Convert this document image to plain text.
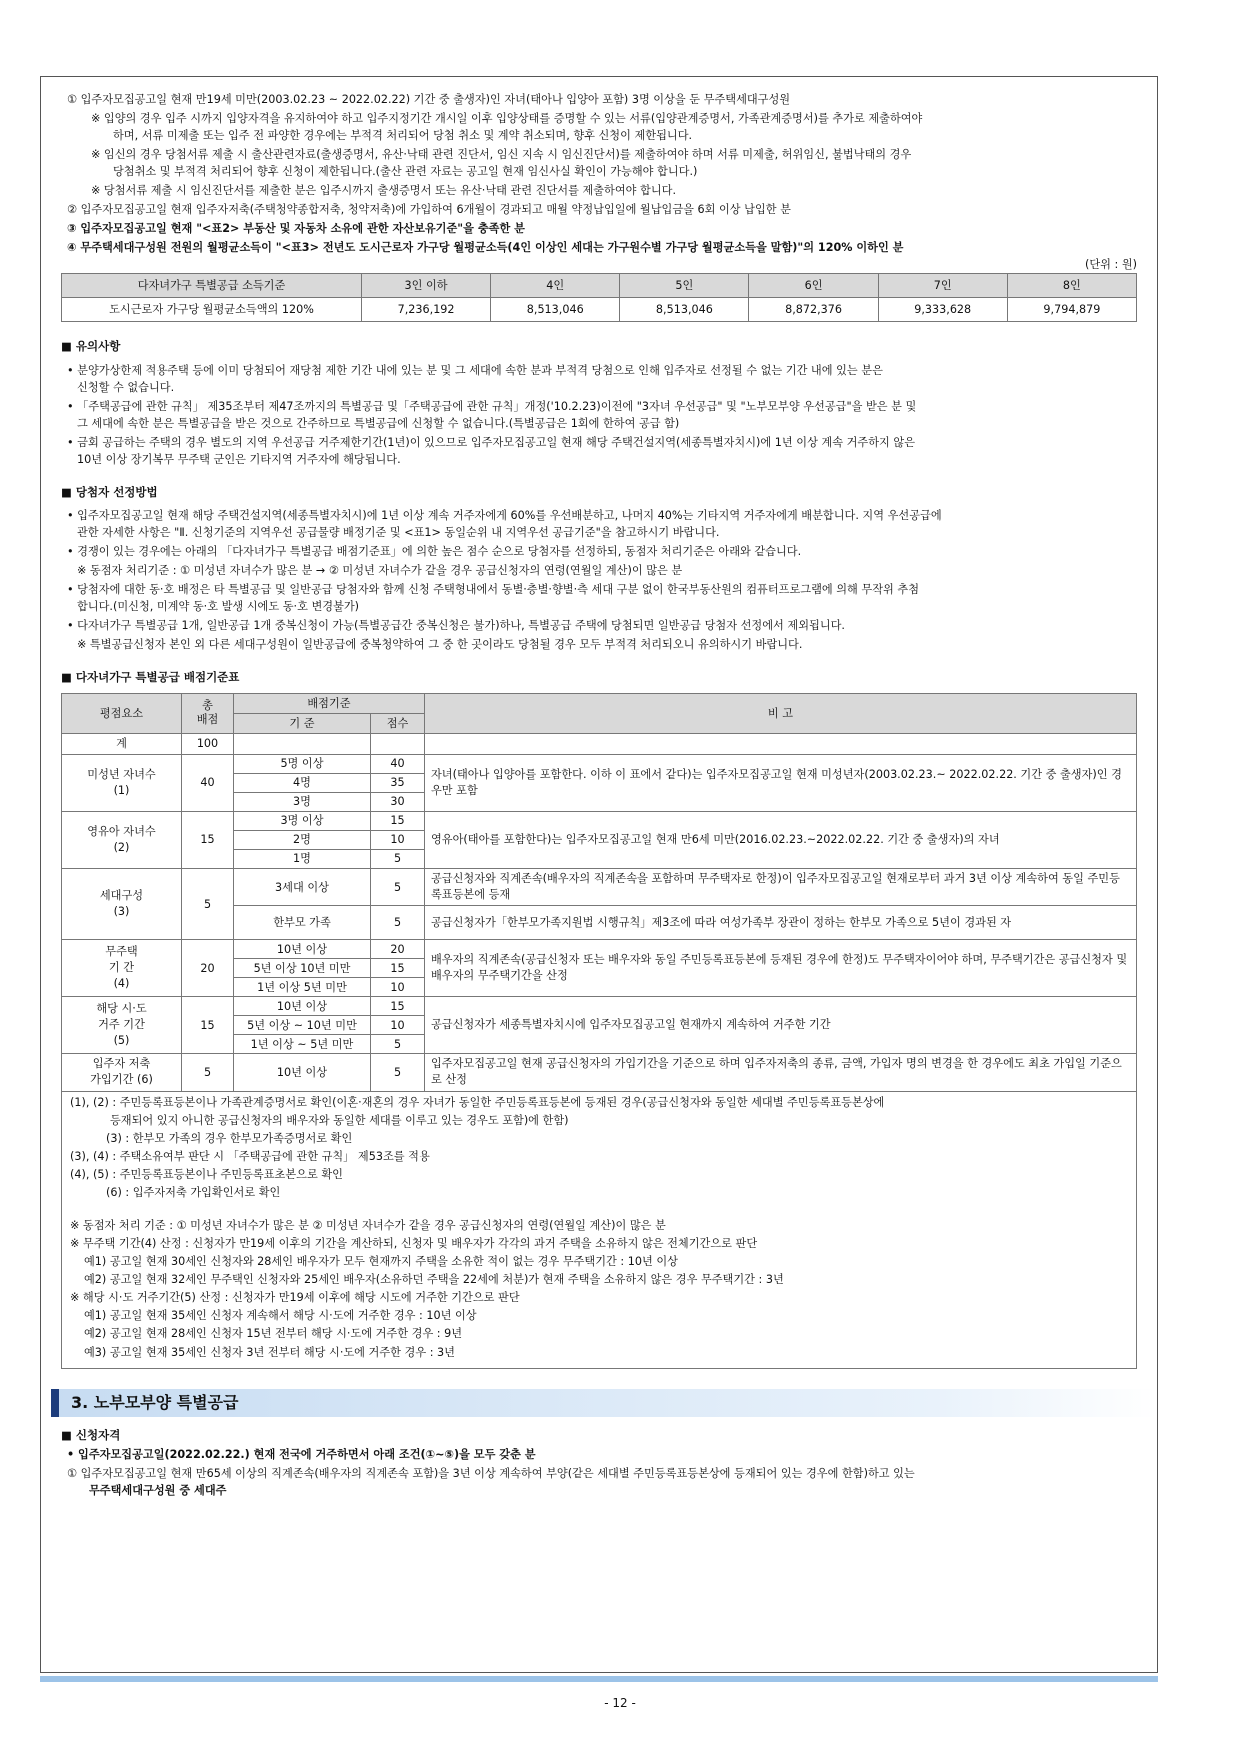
① 입주자모집공고일 현재 만19세 미만(2003.02.23 ~ 2022.02.22) 기간 중 출생자)인 자녀(태아나 입양아 포함) 3명 이상을 둔 무주택세대구성원
※ 입양의 경우 입주 시까지 입양자격을 유지하여야 하고 입주지정기간 개시일 이후 입양상태를 증명할 수 있는 서류(입양관계증명서, 가족관계증명서)를 추가로 제출하여야
하며, 서류 미제출 또는 입주 전 파양한 경우에는 부적격 처리되어 당첨 취소 및 계약 취소되며, 향후 신청이 제한됩니다.
※ 임신의 경우 당첨서류 제출 시 출산관련자료(출생증명서, 유산·낙태 관련 진단서, 임신 지속 시 임신진단서)를 제출하여야 하며 서류 미제출, 허위임신, 불법낙태의 경우
당첨취소 및 부적격 처리되어 향후 신청이 제한됩니다.(출산 관련 자료는 공고일 현재 임신사실 확인이 가능해야 합니다.)
※ 당첨서류 제출 시 임신진단서를 제출한 분은 입주시까지 출생증명서 또는 유산·낙태 관련 진단서를 제출하여야 합니다.
② 입주자모집공고일 현재 입주자저축(주택청약종합저축, 청약저축)에 가입하여 6개월이 경과되고 매월 약정납입일에 월납입금을 6회 이상 납입한 분
③ 입주자모집공고일 현재 "<표2> 부동산 및 자동차 소유에 관한 자산보유기준"을 충족한 분
④ 무주택세대구성원 전원의 월평균소득이 "<표3> 전년도 도시근로자 가구당 월평균소득(4인 이상인 세대는 가구원수별 가구당 월평균소득을 말함)"의 120% 이하인 분
(단위 : 원)
다자녀가구 특별공급 소득기준	3인 이하	4인	5인	6인	7인	8인
도시근로자 가구당 월평균소득액의 120%	7,236,192	8,513,046	8,513,046	8,872,376	9,333,628	9,794,879
■ 유의사항
• 분양가상한제 적용주택 등에 이미 당첨되어 재당첨 제한 기간 내에 있는 분 및 그 세대에 속한 분과 부적격 당첨으로 인해 입주자로 선정될 수 없는 기간 내에 있는 분은
신청할 수 없습니다.
• 「주택공급에 관한 규칙」 제35조부터 제47조까지의 특별공급 및「주택공급에 관한 규칙」개정('10.2.23)이전에 "3자녀 우선공급" 및 "노부모부양 우선공급"을 받은 분 및
그 세대에 속한 분은 특별공급을 받은 것으로 간주하므로 특별공급에 신청할 수 없습니다.(특별공급은 1회에 한하여 공급 함)
• 금회 공급하는 주택의 경우 별도의 지역 우선공급 거주제한기간(1년)이 있으므로 입주자모집공고일 현재 해당 주택건설지역(세종특별자치시)에 1년 이상 계속 거주하지 않은
10년 이상 장기복무 무주택 군인은 기타지역 거주자에 해당됩니다.
■ 당첨자 선정방법
• 입주자모집공고일 현재 해당 주택건설지역(세종특별자치시)에 1년 이상 계속 거주자에게 60%를 우선배분하고, 나머지 40%는 기타지역 거주자에게 배분합니다. 지역 우선공급에
관한 자세한 사항은 "Ⅱ. 신청기준의 지역우선 공급물량 배정기준 및 <표1> 동일순위 내 지역우선 공급기준"을 참고하시기 바랍니다.
• 경쟁이 있는 경우에는 아래의 「다자녀가구 특별공급 배점기준표」에 의한 높은 점수 순으로 당첨자를 선정하되, 동점자 처리기준은 아래와 같습니다.
※ 동점자 처리기준 : ① 미성년 자녀수가 많은 분 → ② 미성년 자녀수가 같을 경우 공급신청자의 연령(연월일 계산)이 많은 분
• 당첨자에 대한 동·호 배정은 타 특별공급 및 일반공급 당첨자와 함께 신청 주택형내에서 동별·층별·향별·측 세대 구분 없이 한국부동산원의 컴퓨터프로그램에 의해 무작위 추첨
합니다.(미신청, 미계약 동·호 발생 시에도 동·호 변경불가)
• 다자녀가구 특별공급 1개, 일반공급 1개 중복신청이 가능(특별공급간 중복신청은 불가)하나, 특별공급 주택에 당첨되면 일반공급 당첨자 선정에서 제외됩니다.
※ 특별공급신청자 본인 외 다른 세대구성원이 일반공급에 중복청약하여 그 중 한 곳이라도 당첨될 경우 모두 부적격 처리되오니 유의하시기 바랍니다.
■ 다자녀가구 특별공급 배점기준표
평점요소	총
배점	배점기준		비 고
		기 준	점수	
계	100			
미성년 자녀수
(1)	40	5명 이상	40	자녀(태아나 입양아를 포함한다. 이하 이 표에서 같다)는 입주자모집공고일 현재 미성년자(2003.02.23.~ 2022.02.22. 기간 중 출생자)인 경우만 포함
		4명	35	
		3명	30	
영유아 자녀수
(2)	15	3명 이상	15	영유아(태아를 포함한다)는 입주자모집공고일 현재 만6세 미만(2016.02.23.~2022.02.22. 기간 중 출생자)의 자녀
		2명	10	
		1명	5	
세대구성
(3)	5	3세대 이상	5	공급신청자와 직계존속(배우자의 직계존속을 포함하며 무주택자로 한정)이 입주자모집공고일 현재로부터 과거 3년 이상 계속하여 동일 주민등록표등본에 등재
		한부모 가족	5	공급신청자가「한부모가족지원법 시행규칙」제3조에 따라 여성가족부 장관이 정하는 한부모 가족으로 5년이 경과된 자
무주택
기 간
(4)	20	10년 이상	20	배우자의 직계존속(공급신청자 또는 배우자와 동일 주민등록표등본에 등재된 경우에 한정)도 무주택자이어야 하며, 무주택기간은 공급신청자 및 배우자의 무주택기간을 산정
		5년 이상 10년 미만	15	
		1년 이상 5년 미만	10	
해당 시·도
거주 기간
(5)	15	10년 이상	15	공급신청자가 세종특별자치시에 입주자모집공고일 현재까지 계속하여 거주한 기간
		5년 이상 ~ 10년 미만	10	
		1년 이상 ~ 5년 미만	5	
입주자 저축
가입기간 (6)	5	10년 이상	5	입주자모집공고일 현재 공급신청자의 가입기간을 기준으로 하며 입주자저축의 종류, 금액, 가입자 명의 변경을 한 경우에도 최초 가입일 기준으로 산정
(1), (2) : 주민등록표등본이나 가족관계증명서로 확인(이혼·재혼의 경우 자녀가 동일한 주민등록표등본에 등재된 경우(공급신청자와 동일한 세대별 주민등록표등본상에
등재되어 있지 아니한 공급신청자의 배우자와 동일한 세대를 이루고 있는 경우도 포함)에 한함)
(3) : 한부모 가족의 경우 한부모가족증명서로 확인
(3), (4) : 주택소유여부 판단 시 「주택공급에 관한 규칙」 제53조를 적용
(4), (5) : 주민등록표등본이나 주민등록표초본으로 확인
(6) : 입주자저축 가입확인서로 확인
※ 동점자 처리 기준 : ① 미성년 자녀수가 많은 분 ② 미성년 자녀수가 같을 경우 공급신청자의 연령(연월일 계산)이 많은 분
※ 무주택 기간(4) 산정 : 신청자가 만19세 이후의 기간을 계산하되, 신청자 및 배우자가 각각의 과거 주택을 소유하지 않은 전체기간으로 판단
예1) 공고일 현재 30세인 신청자와 28세인 배우자가 모두 현재까지 주택을 소유한 적이 없는 경우 무주택기간 : 10년 이상
예2) 공고일 현재 32세인 무주택인 신청자와 25세인 배우자(소유하던 주택을 22세에 처분)가 현재 주택을 소유하지 않은 경우 무주택기간 : 3년
※ 해당 시·도 거주기간(5) 산정 : 신청자가 만19세 이후에 해당 시도에 거주한 기간으로 판단
예1) 공고일 현재 35세인 신청자 계속해서 해당 시·도에 거주한 경우 : 10년 이상
예2) 공고일 현재 28세인 신청자 15년 전부터 해당 시·도에 거주한 경우 : 9년
예3) 공고일 현재 35세인 신청자 3년 전부터 해당 시·도에 거주한 경우 : 3년
3. 노부모부양 특별공급
■ 신청자격
• 입주자모집공고일(2022.02.22.) 현재 전국에 거주하면서 아래 조건(①~⑤)을 모두 갖춘 분
① 입주자모집공고일 현재 만65세 이상의 직계존속(배우자의 직계존속 포함)을 3년 이상 계속하여 부양(같은 세대별 주민등록표등본상에 등재되어 있는 경우에 한함)하고 있는
무주택세대구성원 중 세대주
- 12 -
